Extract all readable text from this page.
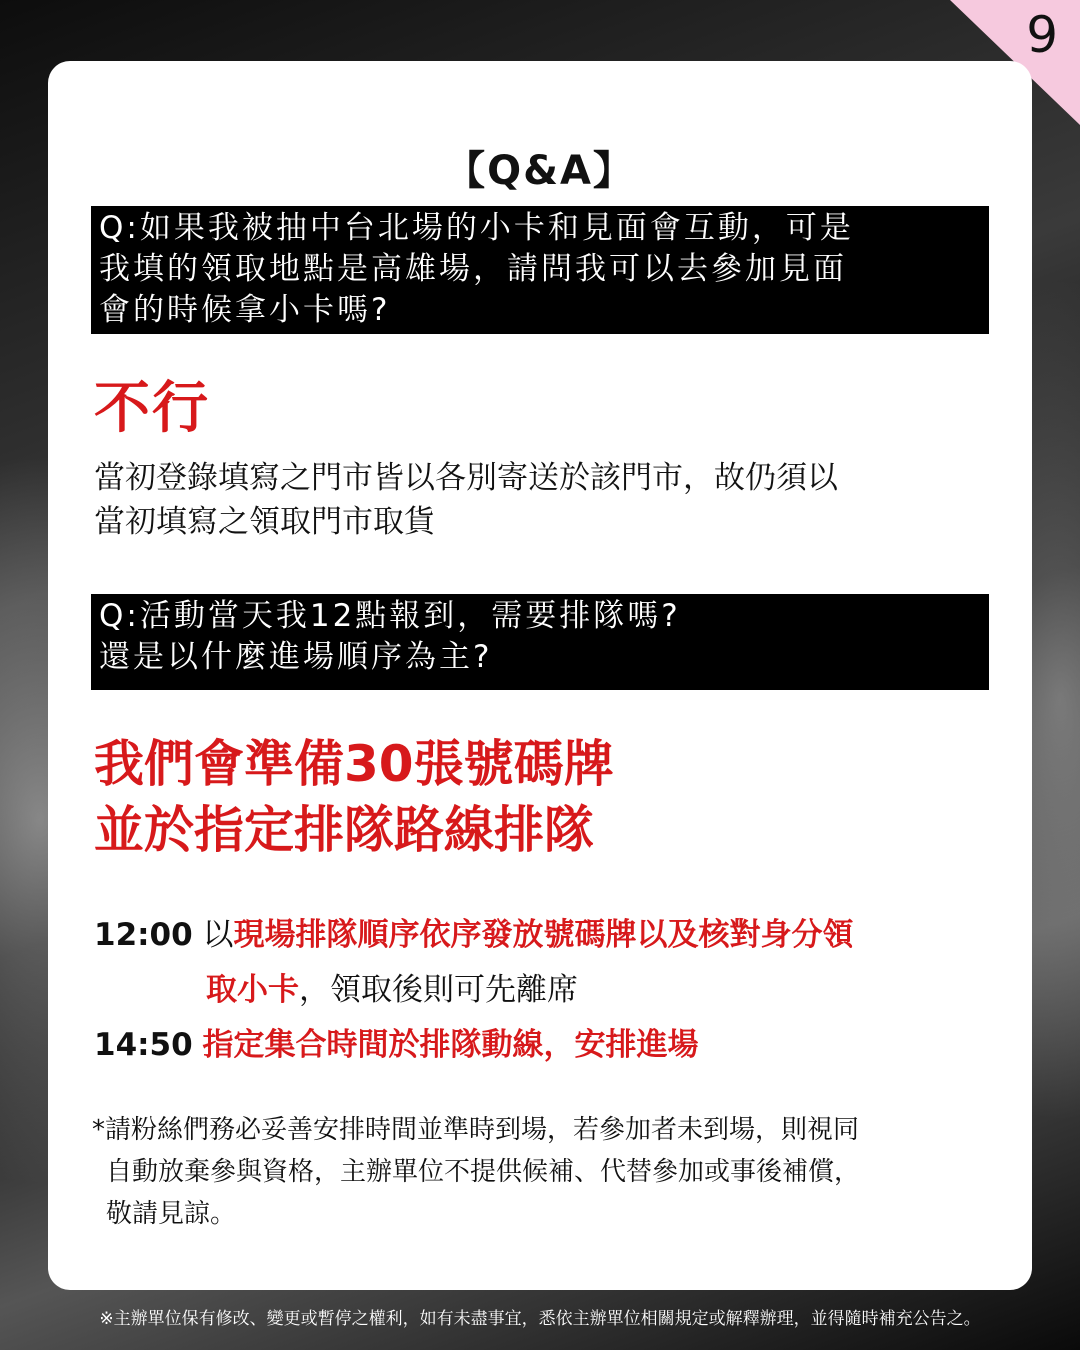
9
【Q&A】
Q:如果我被抽中台北場的小卡和見面會互動，可是
我填的領取地點是高雄場，請問我可以去參加見面
會的時候拿小卡嗎?
不行
當初登錄填寫之門市皆以各別寄送於該門市，故仍須以
當初填寫之領取門市取貨
Q:活動當天我12點報到，需要排隊嗎?
還是以什麼進場順序為主?
我們會準備30張號碼牌
並於指定排隊路線排隊
12:00 以現場排隊順序依序發放號碼牌以及核對身分領
取小卡，領取後則可先離席
14:50 指定集合時間於排隊動線，安排進場
*請粉絲們務必妥善安排時間並準時到場，若參加者未到場，則視同
自動放棄參與資格，主辦單位不提供候補、代替參加或事後補償，
敬請見諒。
※主辦單位保有修改、變更或暫停之權利，如有未盡事宜，悉依主辦單位相關規定或解釋辦理，並得隨時補充公告之。
